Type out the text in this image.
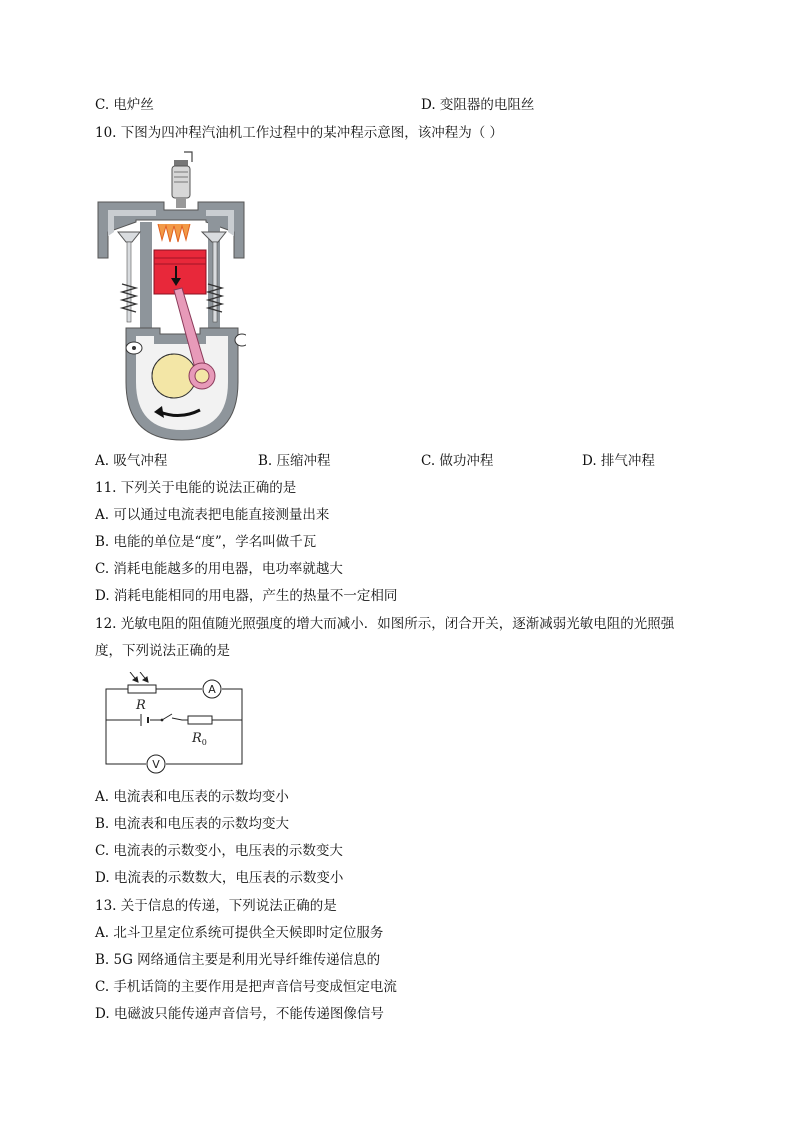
C. 电炉丝	D. 变阻器的电阻丝
10. 下图为四冲程汽油机工作过程中的某冲程示意图，该冲程为（ ）
A. 吸气冲程	B. 压缩冲程	C. 做功冲程	D. 排气冲程
11. 下列关于电能的说法正确的是
A. 可以通过电流表把电能直接测量出来
B. 电能的单位是“度”，学名叫做千瓦
C. 消耗电能越多的用电器，电功率就越大
D. 消耗电能相同的用电器，产生的热量不一定相同
12. 光敏电阻的阻值随光照强度的增大而减小．如图所示，闭合开关，逐渐减弱光敏电阻的光照强
度，下列说法正确的是
R
A
$R_0$
V
A. 电流表和电压表的示数均变小
B. 电流表和电压表的示数均变大
C. 电流表的示数变小，电压表的示数变大
D. 电流表的示数数大，电压表的示数变小
13. 关于信息的传递，下列说法正确的是
A. 北斗卫星定位系统可提供全天候即时定位服务
B. 5G 网络通信主要是利用光导纤维传递信息的
C. 手机话筒的主要作用是把声音信号变成恒定电流
D. 电磁波只能传递声音信号，不能传递图像信号
